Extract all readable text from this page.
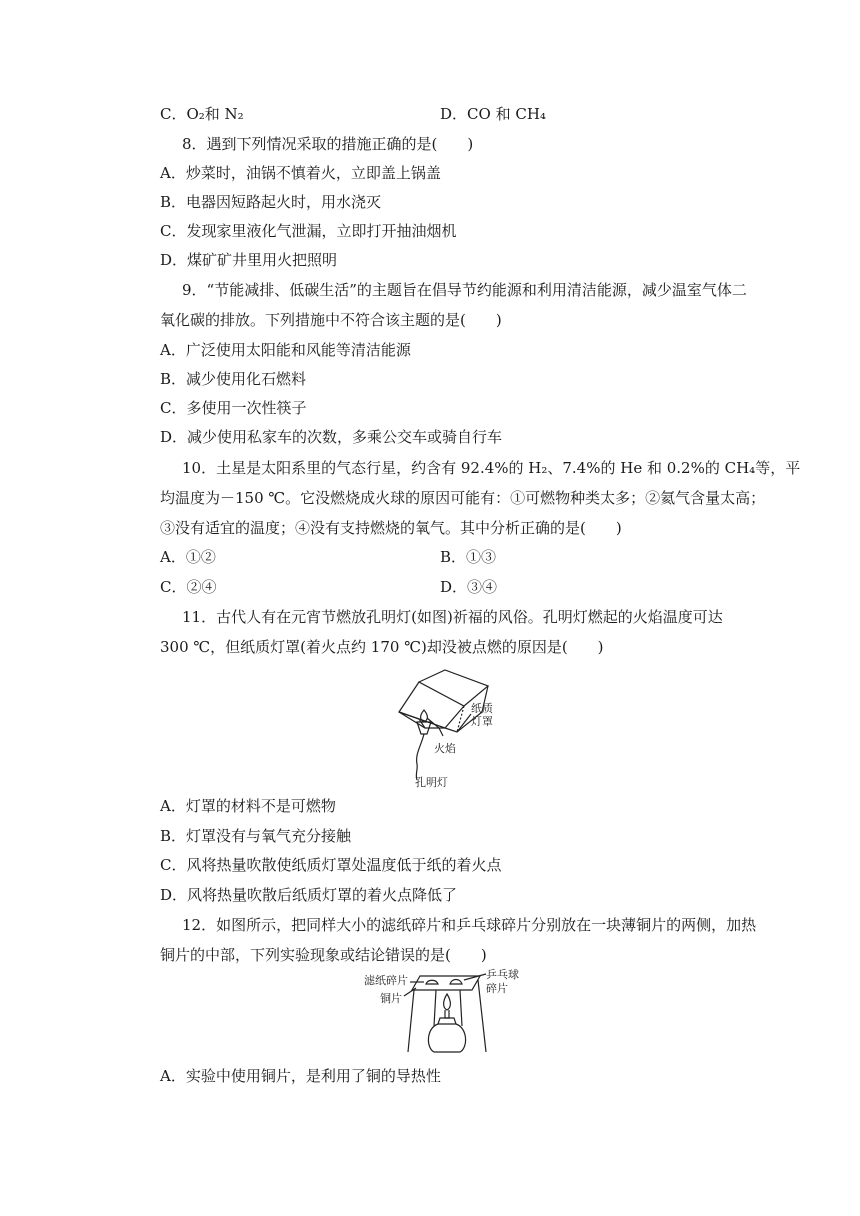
C．O₂和 N₂	D．CO 和 CH₄
8．遇到下列情况采取的措施正确的是(　　)
A．炒菜时，油锅不慎着火，立即盖上锅盖
B．电器因短路起火时，用水浇灭
C．发现家里液化气泄漏，立即打开抽油烟机
D．煤矿矿井里用火把照明
9．“节能减排、低碳生活”的主题旨在倡导节约能源和利用清洁能源，减少温室气体二
氧化碳的排放。下列措施中不符合该主题的是(　　)
A．广泛使用太阳能和风能等清洁能源
B．减少使用化石燃料
C．多使用一次性筷子
D．减少使用私家车的次数，多乘公交车或骑自行车
10．土星是太阳系里的气态行星，约含有 92.4%的 H₂、7.4%的 He 和 0.2%的 CH₄等，平
均温度为－150 ℃。它没燃烧成火球的原因可能有：①可燃物种类太多；②氦气含量太高；
③没有适宜的温度；④没有支持燃烧的氧气。其中分析正确的是(　　)
A．①②	B．①③
C．②④	D．③④
11．古代人有在元宵节燃放孔明灯(如图)祈福的风俗。孔明灯燃起的火焰温度可达
300 ℃，但纸质灯罩(着火点约 170 ℃)却没被点燃的原因是(　　)
纸质
灯罩
火焰
孔明灯
A．灯罩的材料不是可燃物
B．灯罩没有与氧气充分接触
C．风将热量吹散使纸质灯罩处温度低于纸的着火点
D．风将热量吹散后纸质灯罩的着火点降低了
12．如图所示，把同样大小的滤纸碎片和乒乓球碎片分别放在一块薄铜片的两侧，加热
铜片的中部，下列实验现象或结论错误的是(　　)
滤纸碎片
铜片
乒乓球
碎片
A．实验中使用铜片，是利用了铜的导热性
